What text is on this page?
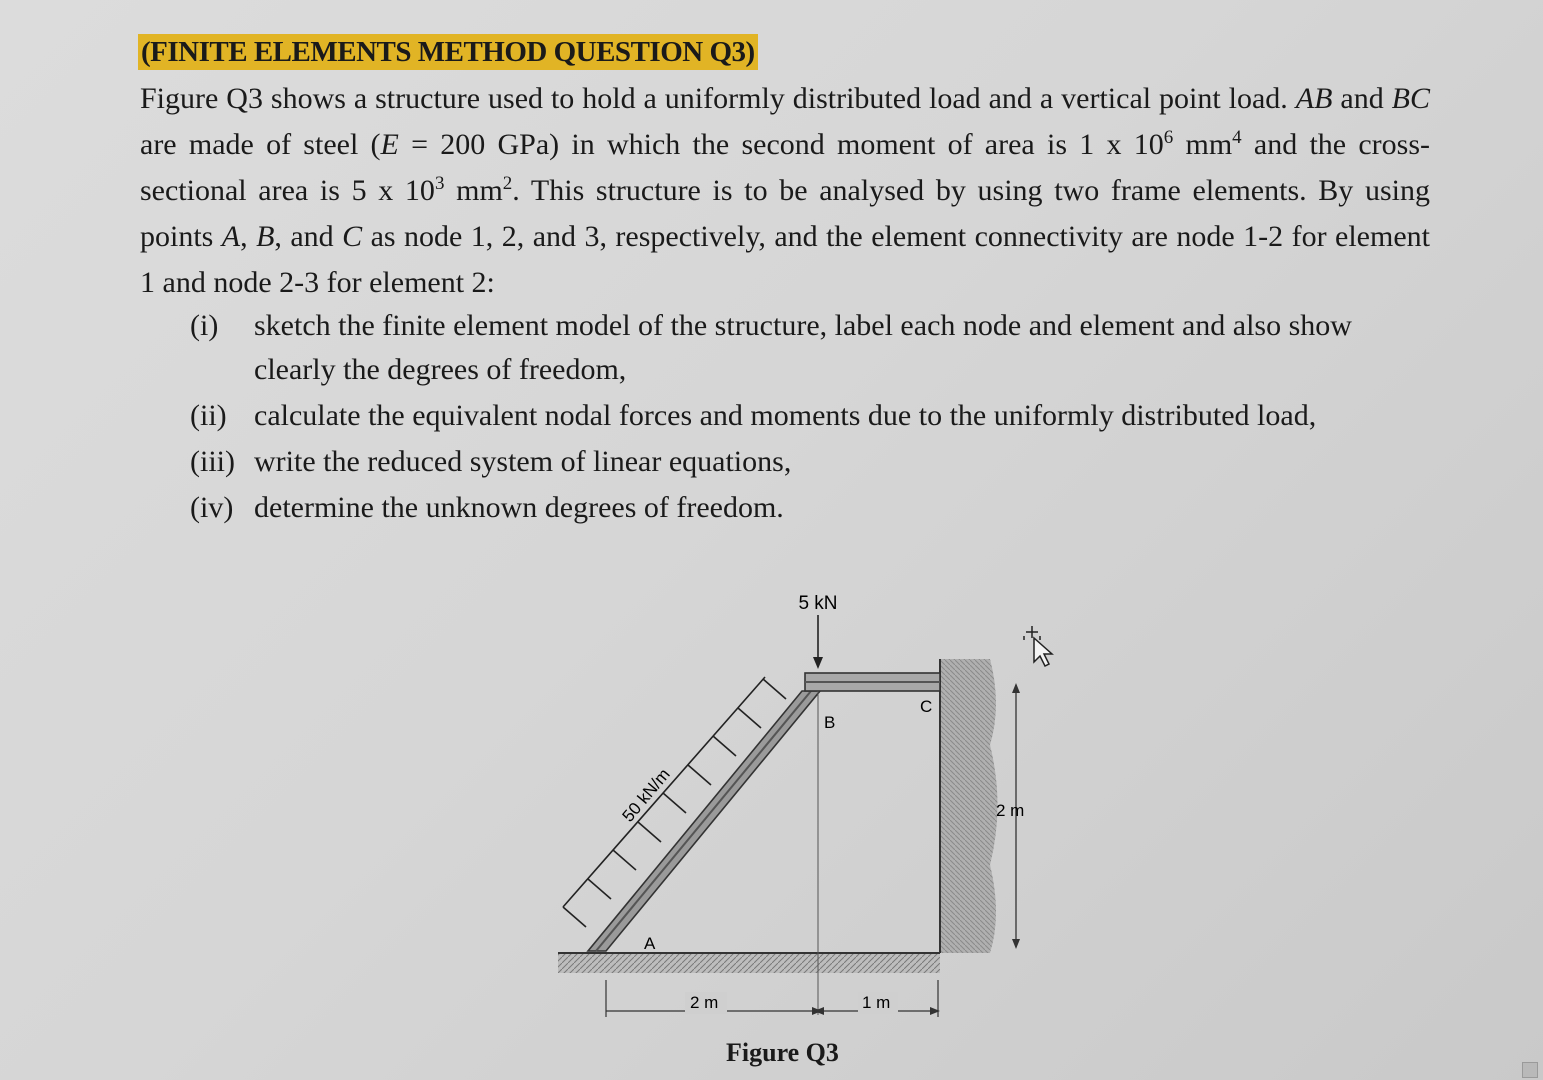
(FINITE ELEMENTS METHOD QUESTION Q3)
Figure Q3 shows a structure used to hold a uniformly distributed load and a vertical point load. AB and BC are made of steel (E = 200 GPa) in which the second moment of area is 1 x $10^6$ $mm^4$ and the cross-sectional area is 5 x $10^3$ $mm^2$. This structure is to be analysed by using two frame elements. By using points A, B, and C as node 1, 2, and 3, respectively, and the element connectivity are node 1-2 for element 1 and node 2-3 for element 2:
(i) sketch the finite element model of the structure, label each node and element and also show clearly the degrees of freedom,
(ii) calculate the equivalent nodal forces and moments due to the uniformly distributed load,
(iii) write the reduced system of linear equations,
(iv) determine the unknown degrees of freedom.
5 kN
50 kN/m
A
B
C
2 m
2 m	1 m
Figure Q3
